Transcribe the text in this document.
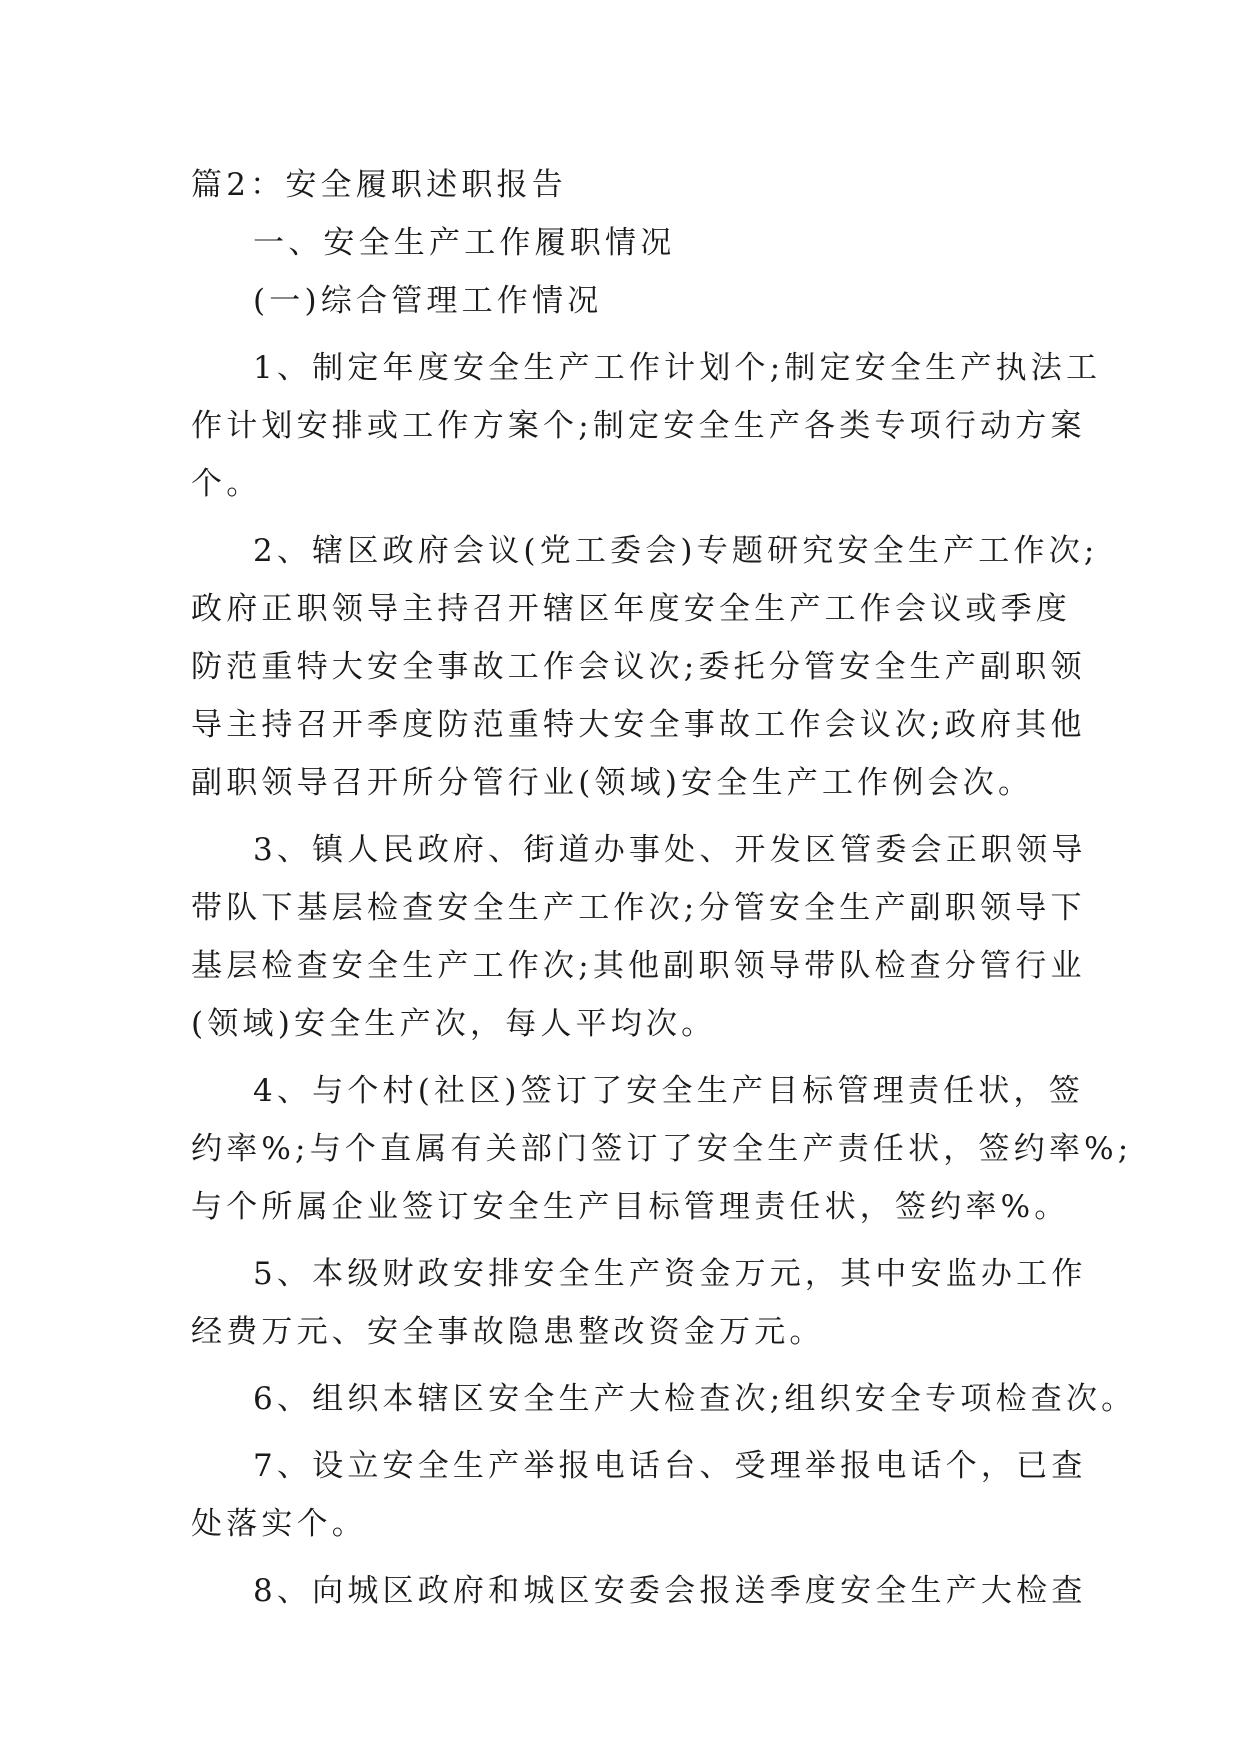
篇2：安全履职述职报告
一、安全生产工作履职情况
(一)综合管理工作情况
1、制定年度安全生产工作计划个;制定安全生产执法工
作计划安排或工作方案个;制定安全生产各类专项行动方案
个。
2、辖区政府会议(党工委会)专题研究安全生产工作次;
政府正职领导主持召开辖区年度安全生产工作会议或季度
防范重特大安全事故工作会议次;委托分管安全生产副职领
导主持召开季度防范重特大安全事故工作会议次;政府其他
副职领导召开所分管行业(领域)安全生产工作例会次。
3、镇人民政府、街道办事处、开发区管委会正职领导
带队下基层检查安全生产工作次;分管安全生产副职领导下
基层检查安全生产工作次;其他副职领导带队检查分管行业
(领域)安全生产次，每人平均次。
4、与个村(社区)签订了安全生产目标管理责任状，签
约率%;与个直属有关部门签订了安全生产责任状，签约率%;
与个所属企业签订安全生产目标管理责任状，签约率%。
5、本级财政安排安全生产资金万元，其中安监办工作
经费万元、安全事故隐患整改资金万元。
6、组织本辖区安全生产大检查次;组织安全专项检查次。
7、设立安全生产举报电话台、受理举报电话个，已查
处落实个。
8、向城区政府和城区安委会报送季度安全生产大检查
